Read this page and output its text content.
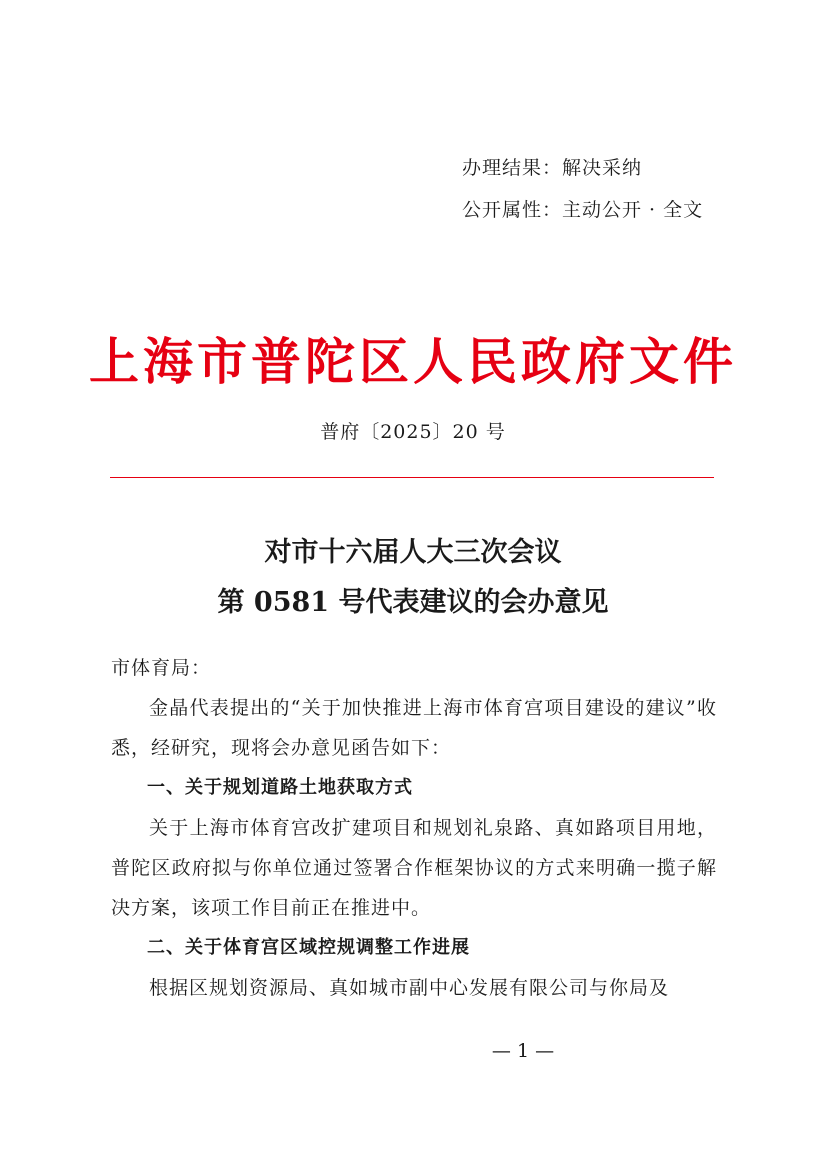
办理结果：解决采纳
公开属性：主动公开 · 全文
上海市普陀区人民政府文件
普府〔2025〕20 号
对市十六届人大三次会议
第 0581 号代表建议的会办意见

市体育局：

金晶代表提出的“关于加快推进上海市体育宫项目建设的建议”收悉，经研究，现将会办意见函告如下：

一、关于规划道路土地获取方式

关于上海市体育宫改扩建项目和规划礼泉路、真如路项目用地，普陀区政府拟与你单位通过签署合作框架协议的方式来明确一揽子解决方案，该项工作目前正在推进中。

二、关于体育宫区域控规调整工作进展

根据区规划资源局、真如城市副中心发展有限公司与你局及

— 1 —
